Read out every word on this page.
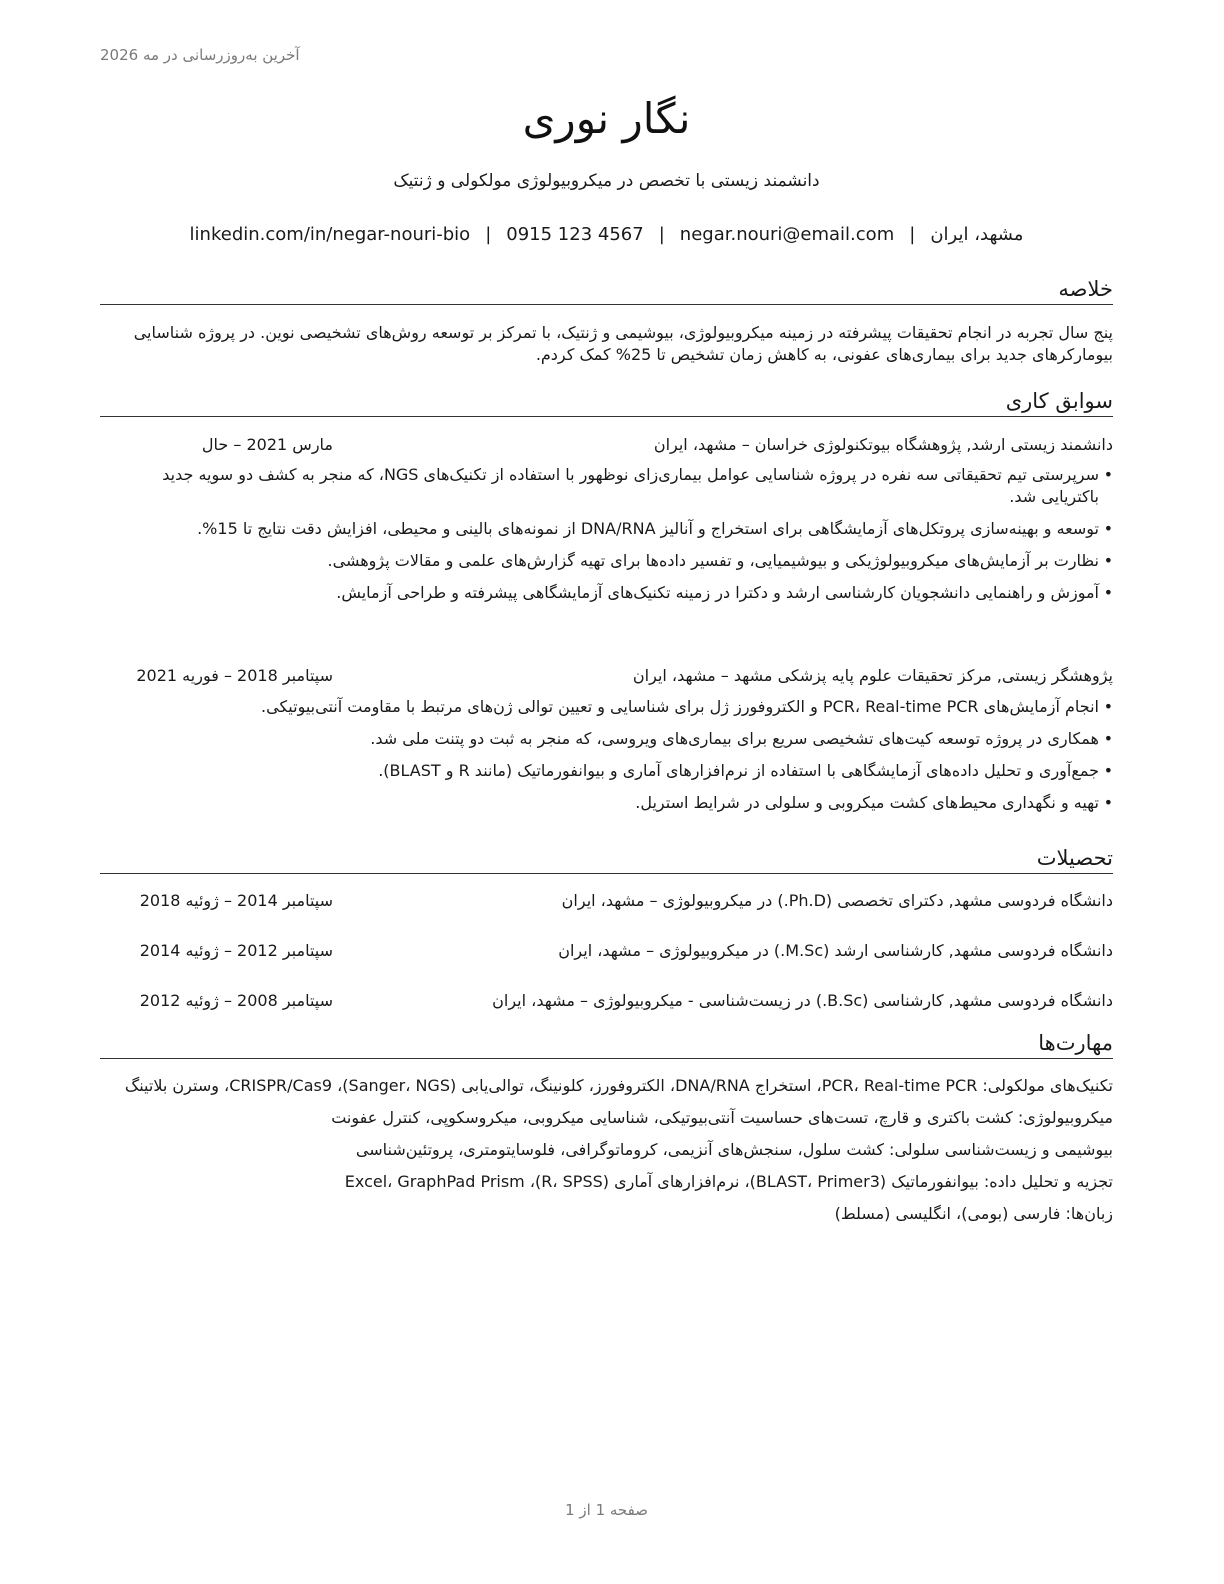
آخرین به‌روزرسانی در مه 2026
نگار نوری
دانشمند زیستی با تخصص در میکروبیولوژی مولکولی و ژنتیک
مشهد، ایران|negar.nouri@email.com|0915 123 4567|linkedin.com/in/negar-nouri-bio
خلاصه
پنج سال تجربه در انجام تحقیقات پیشرفته در زمینه میکروبیولوژی، بیوشیمی و ژنتیک، با تمرکز بر توسعه روش‌های تشخیصی نوین. در پروژه شناسایی بیومارکرهای جدید برای بیماری‌های عفونی، به کاهش زمان تشخیص تا 25% کمک کردم.
سوابق کاری
دانشمند زیستی ارشد, پژوهشگاه بیوتکنولوژی خراسان – مشهد، ایران
مارس 2021 – حال
•
سرپرستی تیم تحقیقاتی سه نفره در پروژه شناسایی عوامل بیماری‌زای نوظهور با استفاده از تکنیک‌های NGS، که منجر به کشف دو سویه جدید باکتریایی شد.
•
توسعه و بهینه‌سازی پروتکل‌های آزمایشگاهی برای استخراج و آنالیز DNA/RNA از نمونه‌های بالینی و محیطی، افزایش دقت نتایج تا 15%.
•
نظارت بر آزمایش‌های میکروبیولوژیکی و بیوشیمیایی، و تفسیر داده‌ها برای تهیه گزارش‌های علمی و مقالات پژوهشی.
•
آموزش و راهنمایی دانشجویان کارشناسی ارشد و دکترا در زمینه تکنیک‌های آزمایشگاهی پیشرفته و طراحی آزمایش.
پژوهشگر زیستی, مرکز تحقیقات علوم پایه پزشکی مشهد – مشهد، ایران
سپتامبر 2018 – فوریه 2021
•
انجام آزمایش‌های PCR، Real-time PCR و الکتروفورز ژل برای شناسایی و تعیین توالی ژن‌های مرتبط با مقاومت آنتی‌بیوتیکی.
•
همکاری در پروژه توسعه کیت‌های تشخیصی سریع برای بیماری‌های ویروسی، که منجر به ثبت دو پتنت ملی شد.
•
جمع‌آوری و تحلیل داده‌های آزمایشگاهی با استفاده از نرم‌افزارهای آماری و بیوانفورماتیک (مانند R و BLAST).
•
تهیه و نگهداری محیط‌های کشت میکروبی و سلولی در شرایط استریل.
تحصیلات
دانشگاه فردوسی مشهد, دکترای تخصصی (Ph.D.) در میکروبیولوژی – مشهد، ایران
سپتامبر 2014 – ژوئیه 2018
دانشگاه فردوسی مشهد, کارشناسی ارشد (M.Sc.) در میکروبیولوژی – مشهد، ایران
سپتامبر 2012 – ژوئیه 2014
دانشگاه فردوسی مشهد, کارشناسی (B.Sc.) در زیست‌شناسی - میکروبیولوژی – مشهد، ایران
سپتامبر 2008 – ژوئیه 2012
مهارت‌ها
تکنیک‌های مولکولی: PCR، Real-time PCR، استخراج DNA/RNA، الکتروفورز، کلونینگ، توالی‌یابی (Sanger، NGS)، CRISPR/Cas9، وسترن بلاتینگ
میکروبیولوژی: کشت باکتری و قارچ، تست‌های حساسیت آنتی‌بیوتیکی، شناسایی میکروبی، میکروسکوپی، کنترل عفونت
بیوشیمی و زیست‌شناسی سلولی: کشت سلول، سنجش‌های آنزیمی، کروماتوگرافی، فلوسایتومتری، پروتئین‌شناسی
تجزیه و تحلیل داده: بیوانفورماتیک (BLAST، Primer3)، نرم‌افزارهای آماری (R، SPSS)، Excel، GraphPad Prism
زبان‌ها: فارسی (بومی)، انگلیسی (مسلط)
صفحه 1 از 1
